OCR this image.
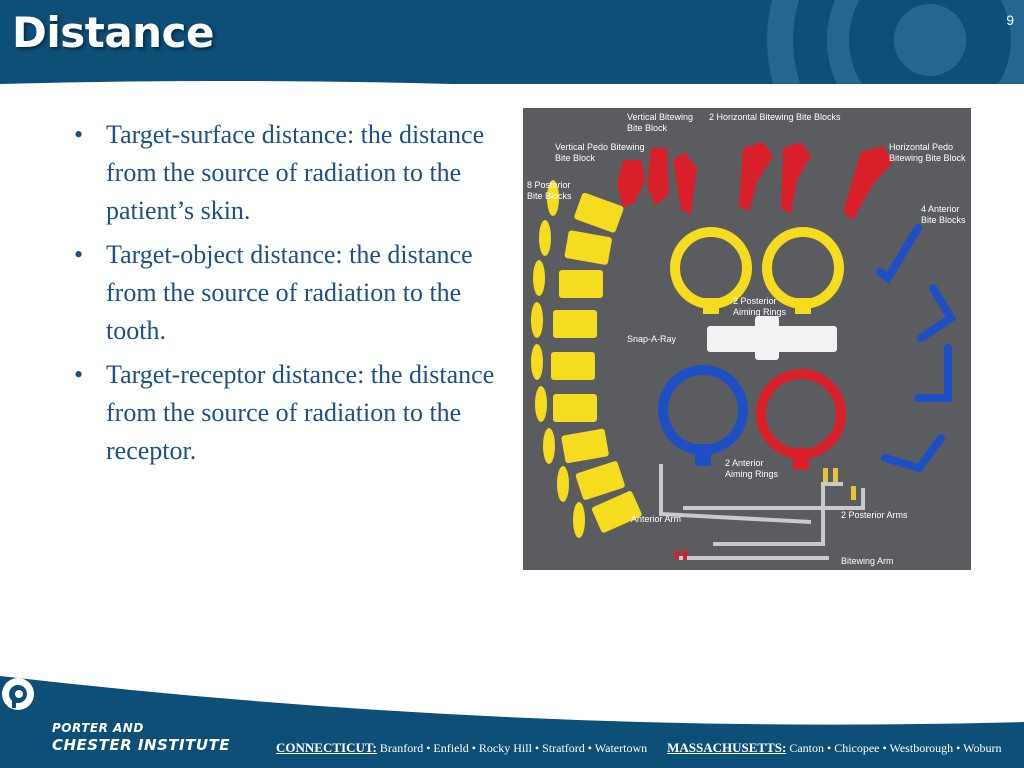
Distance	9
• Target-surface distance: the distance from the source of radiation to the patient’s skin.
• Target-object distance: the distance from the source of radiation to the tooth.
• Target-receptor distance: the distance from the source of radiation to the receptor.
Vertical Bitewing
Bite Block
2 Horizontal Bitewing Bite Blocks
Vertical Pedo Bitewing
Bite Block
Horizontal Pedo
Bitewing Bite Block
8 Posterior
Bite Blocks
4 Anterior
Bite Blocks
2 Posterior
Aiming Rings
Snap-A-Ray
2 Anterior
Aiming Rings
Anterior Arm	2 Posterior Arms
Bitewing Arm
PORTER AND
CHESTER INSTITUTE	CONNECTICUT: Branford • Enfield • Rocky Hill • Stratford • Watertown MASSACHUSETTS: Canton • Chicopee • Westborough • Woburn
